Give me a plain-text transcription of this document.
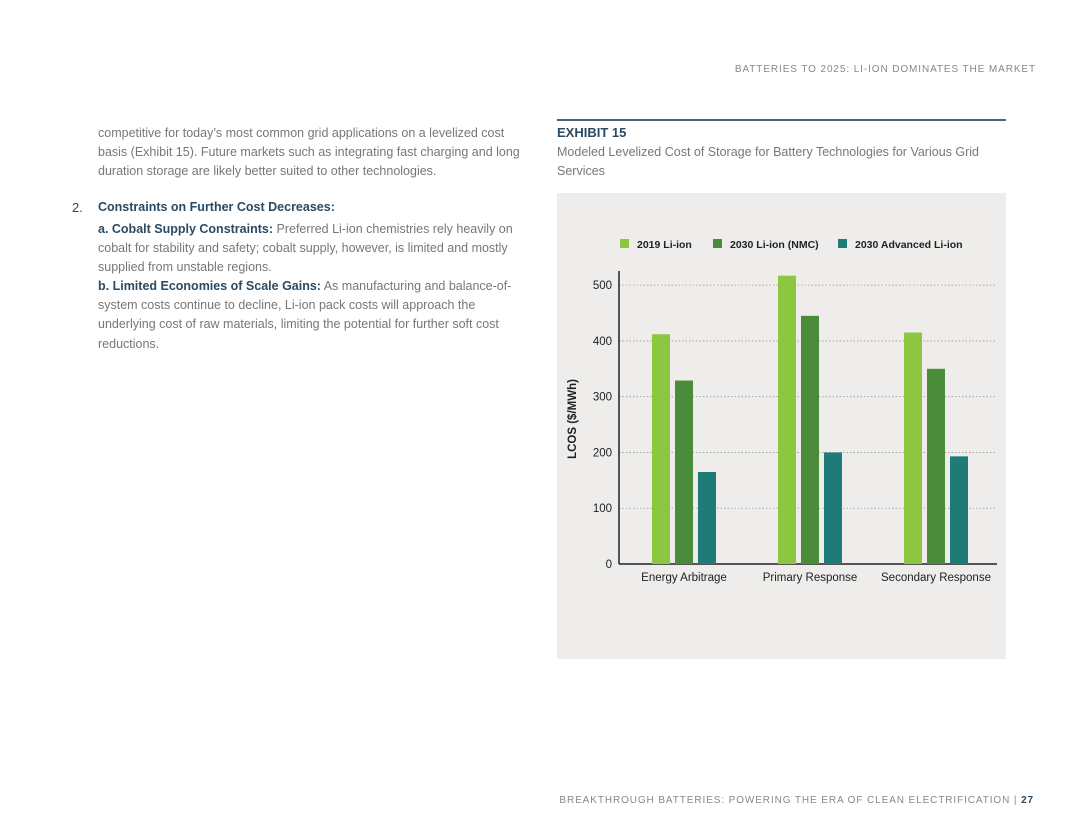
BATTERIES TO 2025: LI-ION DOMINATES THE MARKET
competitive for today’s most common grid applications on a levelized cost basis (Exhibit 15). Future markets such as integrating fast charging and long duration storage are likely better suited to other technologies.
2. Constraints on Further Cost Decreases:
a. Cobalt Supply Constraints: Preferred Li-ion chemistries rely heavily on cobalt for stability and safety; cobalt supply, however, is limited and mostly supplied from unstable regions.
b. Limited Economies of Scale Gains: As manufacturing and balance-of-system costs continue to decline, Li-ion pack costs will approach the underlying cost of raw materials, limiting the potential for further soft cost reductions.
EXHIBIT 15
Modeled Levelized Cost of Storage for Battery Technologies for Various Grid Services
0
100
200
300
400
500
LCOS ($/MWh)
Energy Arbitrage	Primary Response Secondary Response
2019 Li-ion	2030 Li-ion (NMC)	2030 Advanced Li-ion
BREAKTHROUGH BATTERIES: POWERING THE ERA OF CLEAN ELECTRIFICATION | 27
